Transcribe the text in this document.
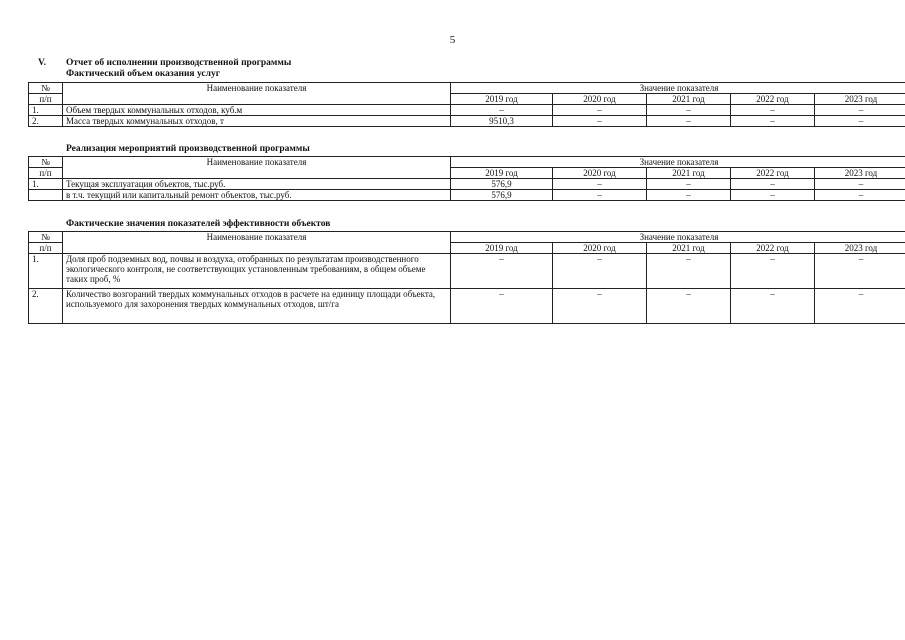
5
V. Отчет об исполнении производственной программы
Фактический объем оказания услуг
№	Наименование показателя	Значение показателя				
п/п		2019 год	2020 год	2021 год	2022 год	2023 год
1.	Объем твердых коммунальных отходов, куб.м	–	–	–	–	–
2.	Масса твердых коммунальных отходов, т	9510,3	–	–	–	–
Реализация мероприятий производственной программы
№	Наименование показателя	Значение показателя				
п/п		2019 год	2020 год	2021 год	2022 год	2023 год
1.	Текущая эксплуатация объектов, тыс.руб.	576,9	–	–	–	–
	в т.ч. текущий или капитальный ремонт объектов, тыс.руб.	576,9	–	–	–	–
Фактические значения показателей эффективности объектов
№	Наименование показателя	Значение показателя				
п/п		2019 год	2020 год	2021 год	2022 год	2023 год
1.	Доля проб подземных вод, почвы и воздуха, отобранных по результатам производственного экологического контроля, не соответствующих установленным требованиям, в общем объеме таких проб, %	–	–	–	–	–
2.	Количество возгораний твердых коммунальных отходов в расчете на единицу площади объекта, используемого для захоронения твердых коммунальных отходов, шт/га	–	–	–	–	–
